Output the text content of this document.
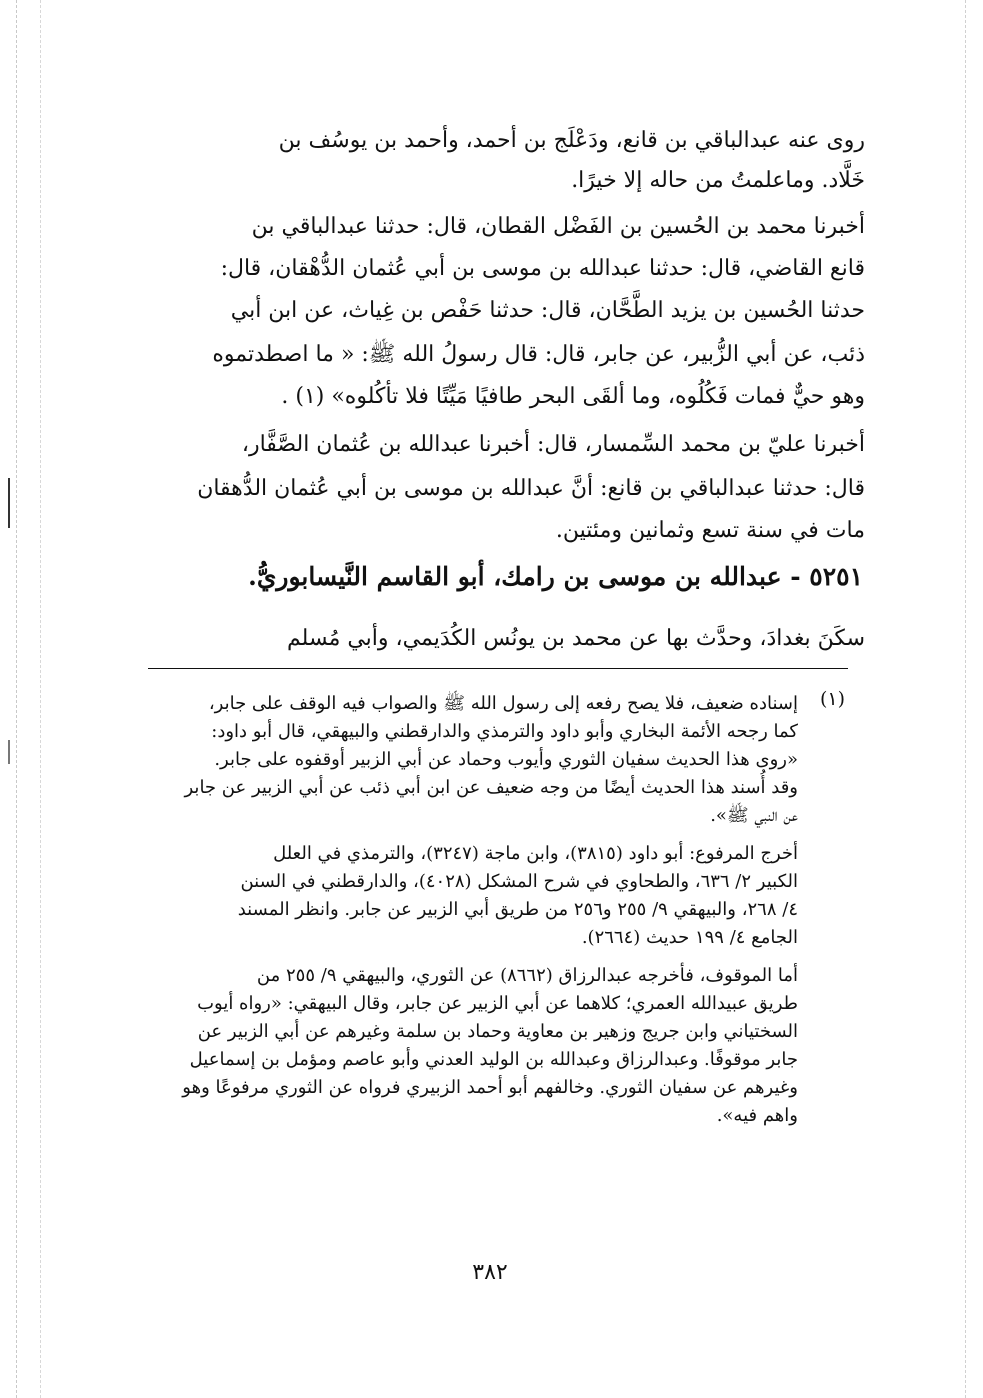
روى عنه عبدالباقي بن قانع، ودَعْلَج بن أحمد، وأحمد بن يوسُف بن
خَلَّاد. وماعلمتُ من حاله إلا خيرًا.
أخبرنا محمد بن الحُسين بن الفَضْل القطان، قال: حدثنا عبدالباقي بن
قانع القاضي، قال: حدثنا عبدالله بن موسى بن أبي عُثمان الدُّهْقان، قال:
حدثنا الحُسين بن يزيد الطَّحَّان، قال: حدثنا حَفْص بن غِياث، عن ابن أبي
ذئب، عن أبي الزُّبير، عن جابر، قال: قال رسولُ الله ﷺ: « ما اصطدتموه
وهو حيٌّ فمات فَكُلُوه، وما ألقَى البحر طافيًا مَيِّتًا فلا تأكُلوه» (١) .
أخبرنا عليّ بن محمد السِّمسار، قال: أخبرنا عبدالله بن عُثمان الصَّفَّار،
قال: حدثنا عبدالباقي بن قانع: أنَّ عبدالله بن موسى بن أبي عُثمان الدُّهقان
مات في سنة تسع وثمانين ومئتين.
٥٢٥١ - عبدالله بن موسى بن رامك، أبو القاسم النَّيسابوريُّ.
سكَنَ بغدادَ، وحدَّث بها عن محمد بن يونُس الكُدَيمي، وأبي مُسلم
(١)
إسناده ضعيف، فلا يصح رفعه إلى رسول الله ﷺ والصواب فيه الوقف على جابر،
كما رجحه الأئمة البخاري وأبو داود والترمذي والدارقطني والبيهقي، قال أبو داود:
«روى هذا الحديث سفيان الثوري وأيوب وحماد عن أبي الزبير أوقفوه على جابر.
وقد أُسند هذا الحديث أيضًا من وجه ضعيف عن ابن أبي ذئب عن أبي الزبير عن جابر
عن النبي ﷺ».
أخرج المرفوع: أبو داود (٣٨١٥)، وابن ماجة (٣٢٤٧)، والترمذي في العلل
الكبير ٢/ ٦٣٦، والطحاوي في شرح المشكل (٤٠٢٨)، والدارقطني في السنن
٤/ ٢٦٨، والبيهقي ٩/ ٢٥٥ و٢٥٦ من طريق أبي الزبير عن جابر. وانظر المسند
الجامع ٤/ ١٩٩ حديث (٢٦٦٤).
أما الموقوف، فأخرجه عبدالرزاق (٨٦٦٢) عن الثوري، والبيهقي ٩/ ٢٥٥ من
طريق عبيدالله العمري؛ كلاهما عن أبي الزبير عن جابر، وقال البيهقي: «رواه أيوب
السختياني وابن جريج وزهير بن معاوية وحماد بن سلمة وغيرهم عن أبي الزبير عن
جابر موقوفًا. وعبدالرزاق وعبدالله بن الوليد العدني وأبو عاصم ومؤمل بن إسماعيل
وغيرهم عن سفيان الثوري. وخالفهم أبو أحمد الزبيري فرواه عن الثوري مرفوعًا وهو
واهم فيه».
٣٨٢
